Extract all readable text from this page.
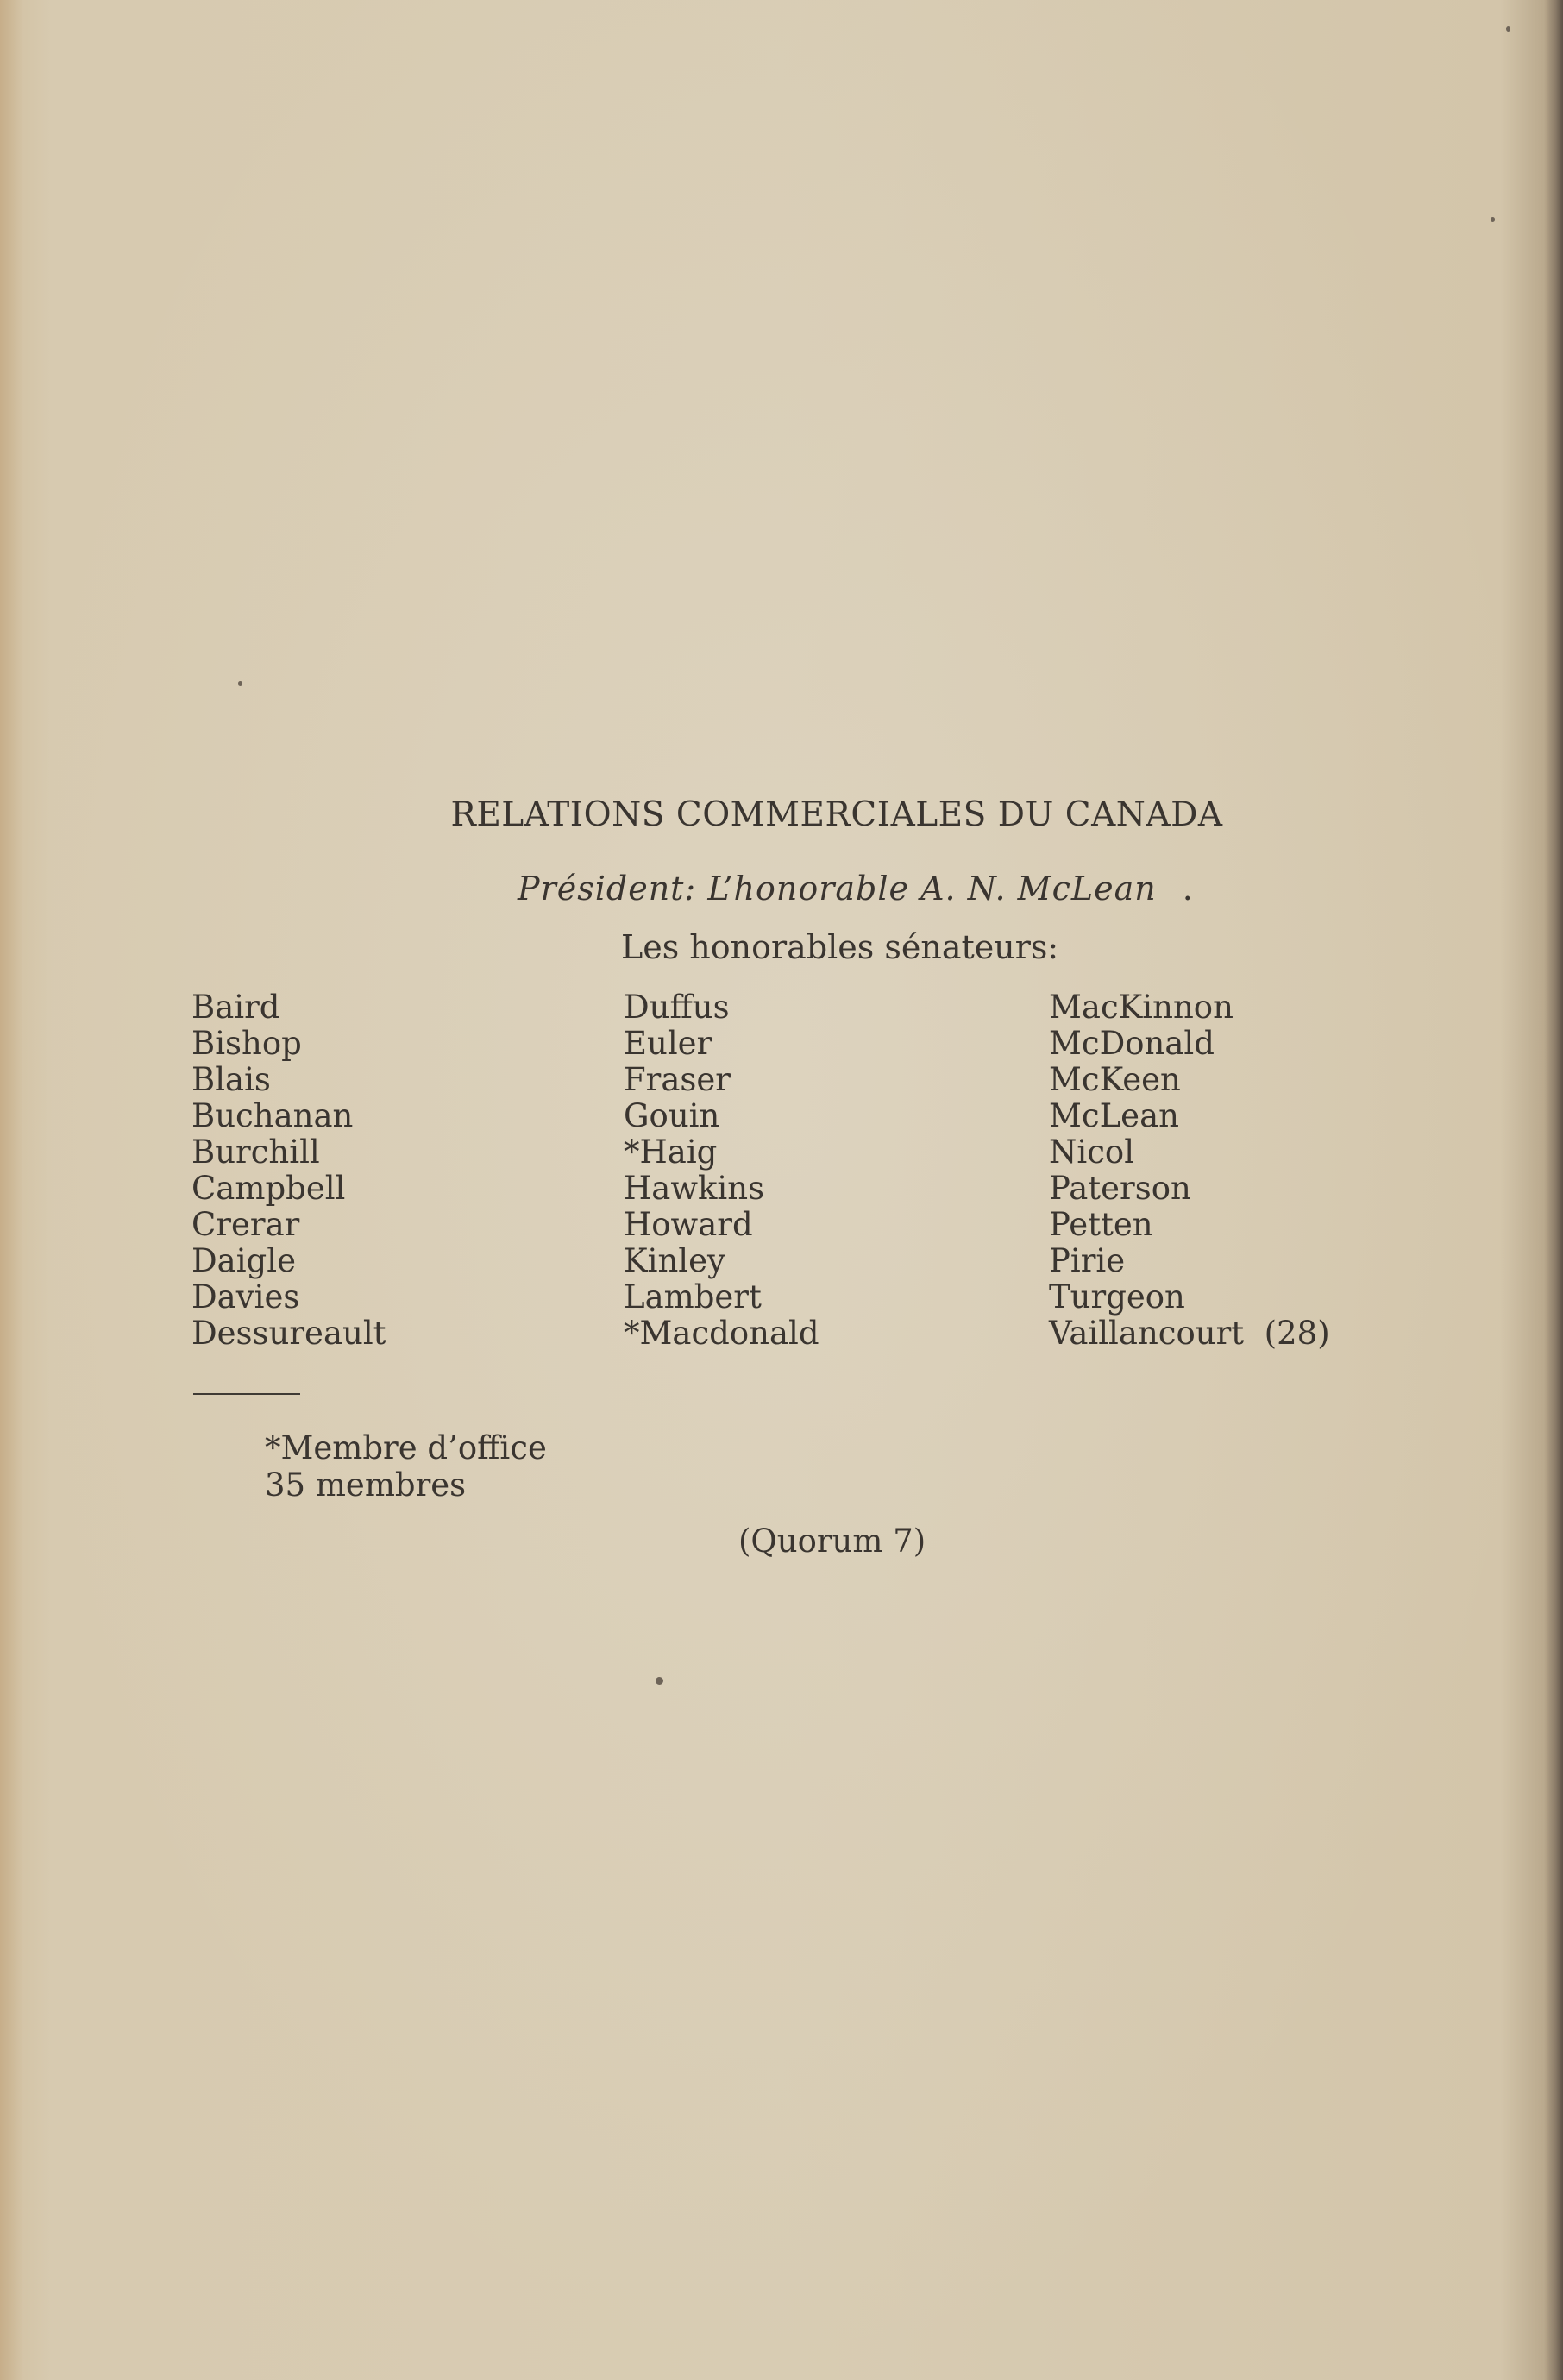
RELATIONS COMMERCIALES DU CANADA
Président: L’honorable A. N. McLean .
Les honorables sénateurs:
Baird
Bishop
Blais
Buchanan
Burchill
Campbell
Crerar
Daigle
Davies
Dessureault
Duffus
Euler
Fraser
Gouin
*Haig
Hawkins
Howard
Kinley
Lambert
*Macdonald
MacKinnon
McDonald
McKeen
McLean
Nicol
Paterson
Petten
Pirie
Turgeon
Vaillancourt  (28)
*Membre d’office
35 membres
(Quorum 7)
